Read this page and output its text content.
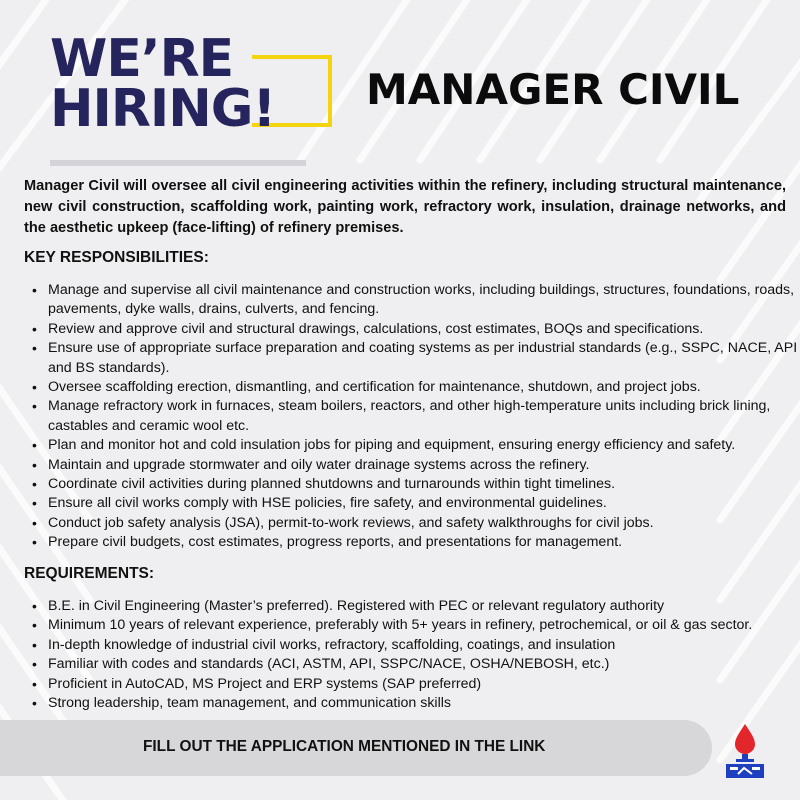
WE’RE
HIRING! MANAGER CIVIL

Manager Civil will oversee all civil engineering activities within the refinery, including structural maintenance, new civil construction, scaffolding work, painting work, refractory work, insulation, drainage networks, and the aesthetic upkeep (face-lifting) of refinery premises.

KEY RESPONSIBILITIES:
• Manage and supervise all civil maintenance and construction works, including buildings, structures, foundations, roads, pavements, dyke walls, drains, culverts, and fencing.
• Review and approve civil and structural drawings, calculations, cost estimates, BOQs and specifications.
• Ensure use of appropriate surface preparation and coating systems as per industrial standards (e.g., SSPC, NACE, API and BS standards).
• Oversee scaffolding erection, dismantling, and certification for maintenance, shutdown, and project jobs.
• Manage refractory work in furnaces, steam boilers, reactors, and other high-temperature units including brick lining, castables and ceramic wool etc.
• Plan and monitor hot and cold insulation jobs for piping and equipment, ensuring energy efficiency and safety.
• Maintain and upgrade stormwater and oily water drainage systems across the refinery.
• Coordinate civil activities during planned shutdowns and turnarounds within tight timelines.
• Ensure all civil works comply with HSE policies, fire safety, and environmental guidelines.
• Conduct job safety analysis (JSA), permit-to-work reviews, and safety walkthroughs for civil jobs.
• Prepare civil budgets, cost estimates, progress reports, and presentations for management.
REQUIREMENTS:
• B.E. in Civil Engineering (Master’s preferred). Registered with PEC or relevant regulatory authority
• Minimum 10 years of relevant experience, preferably with 5+ years in refinery, petrochemical, or oil & gas sector.
• In-depth knowledge of industrial civil works, refractory, scaffolding, coatings, and insulation
• Familiar with codes and standards (ACI, ASTM, API, SSPC/NACE, OSHA/NEBOSH, etc.)
• Proficient in AutoCAD, MS Project and ERP systems (SAP preferred)
• Strong leadership, team management, and communication skills
FILL OUT THE APPLICATION MENTIONED IN THE LINK
